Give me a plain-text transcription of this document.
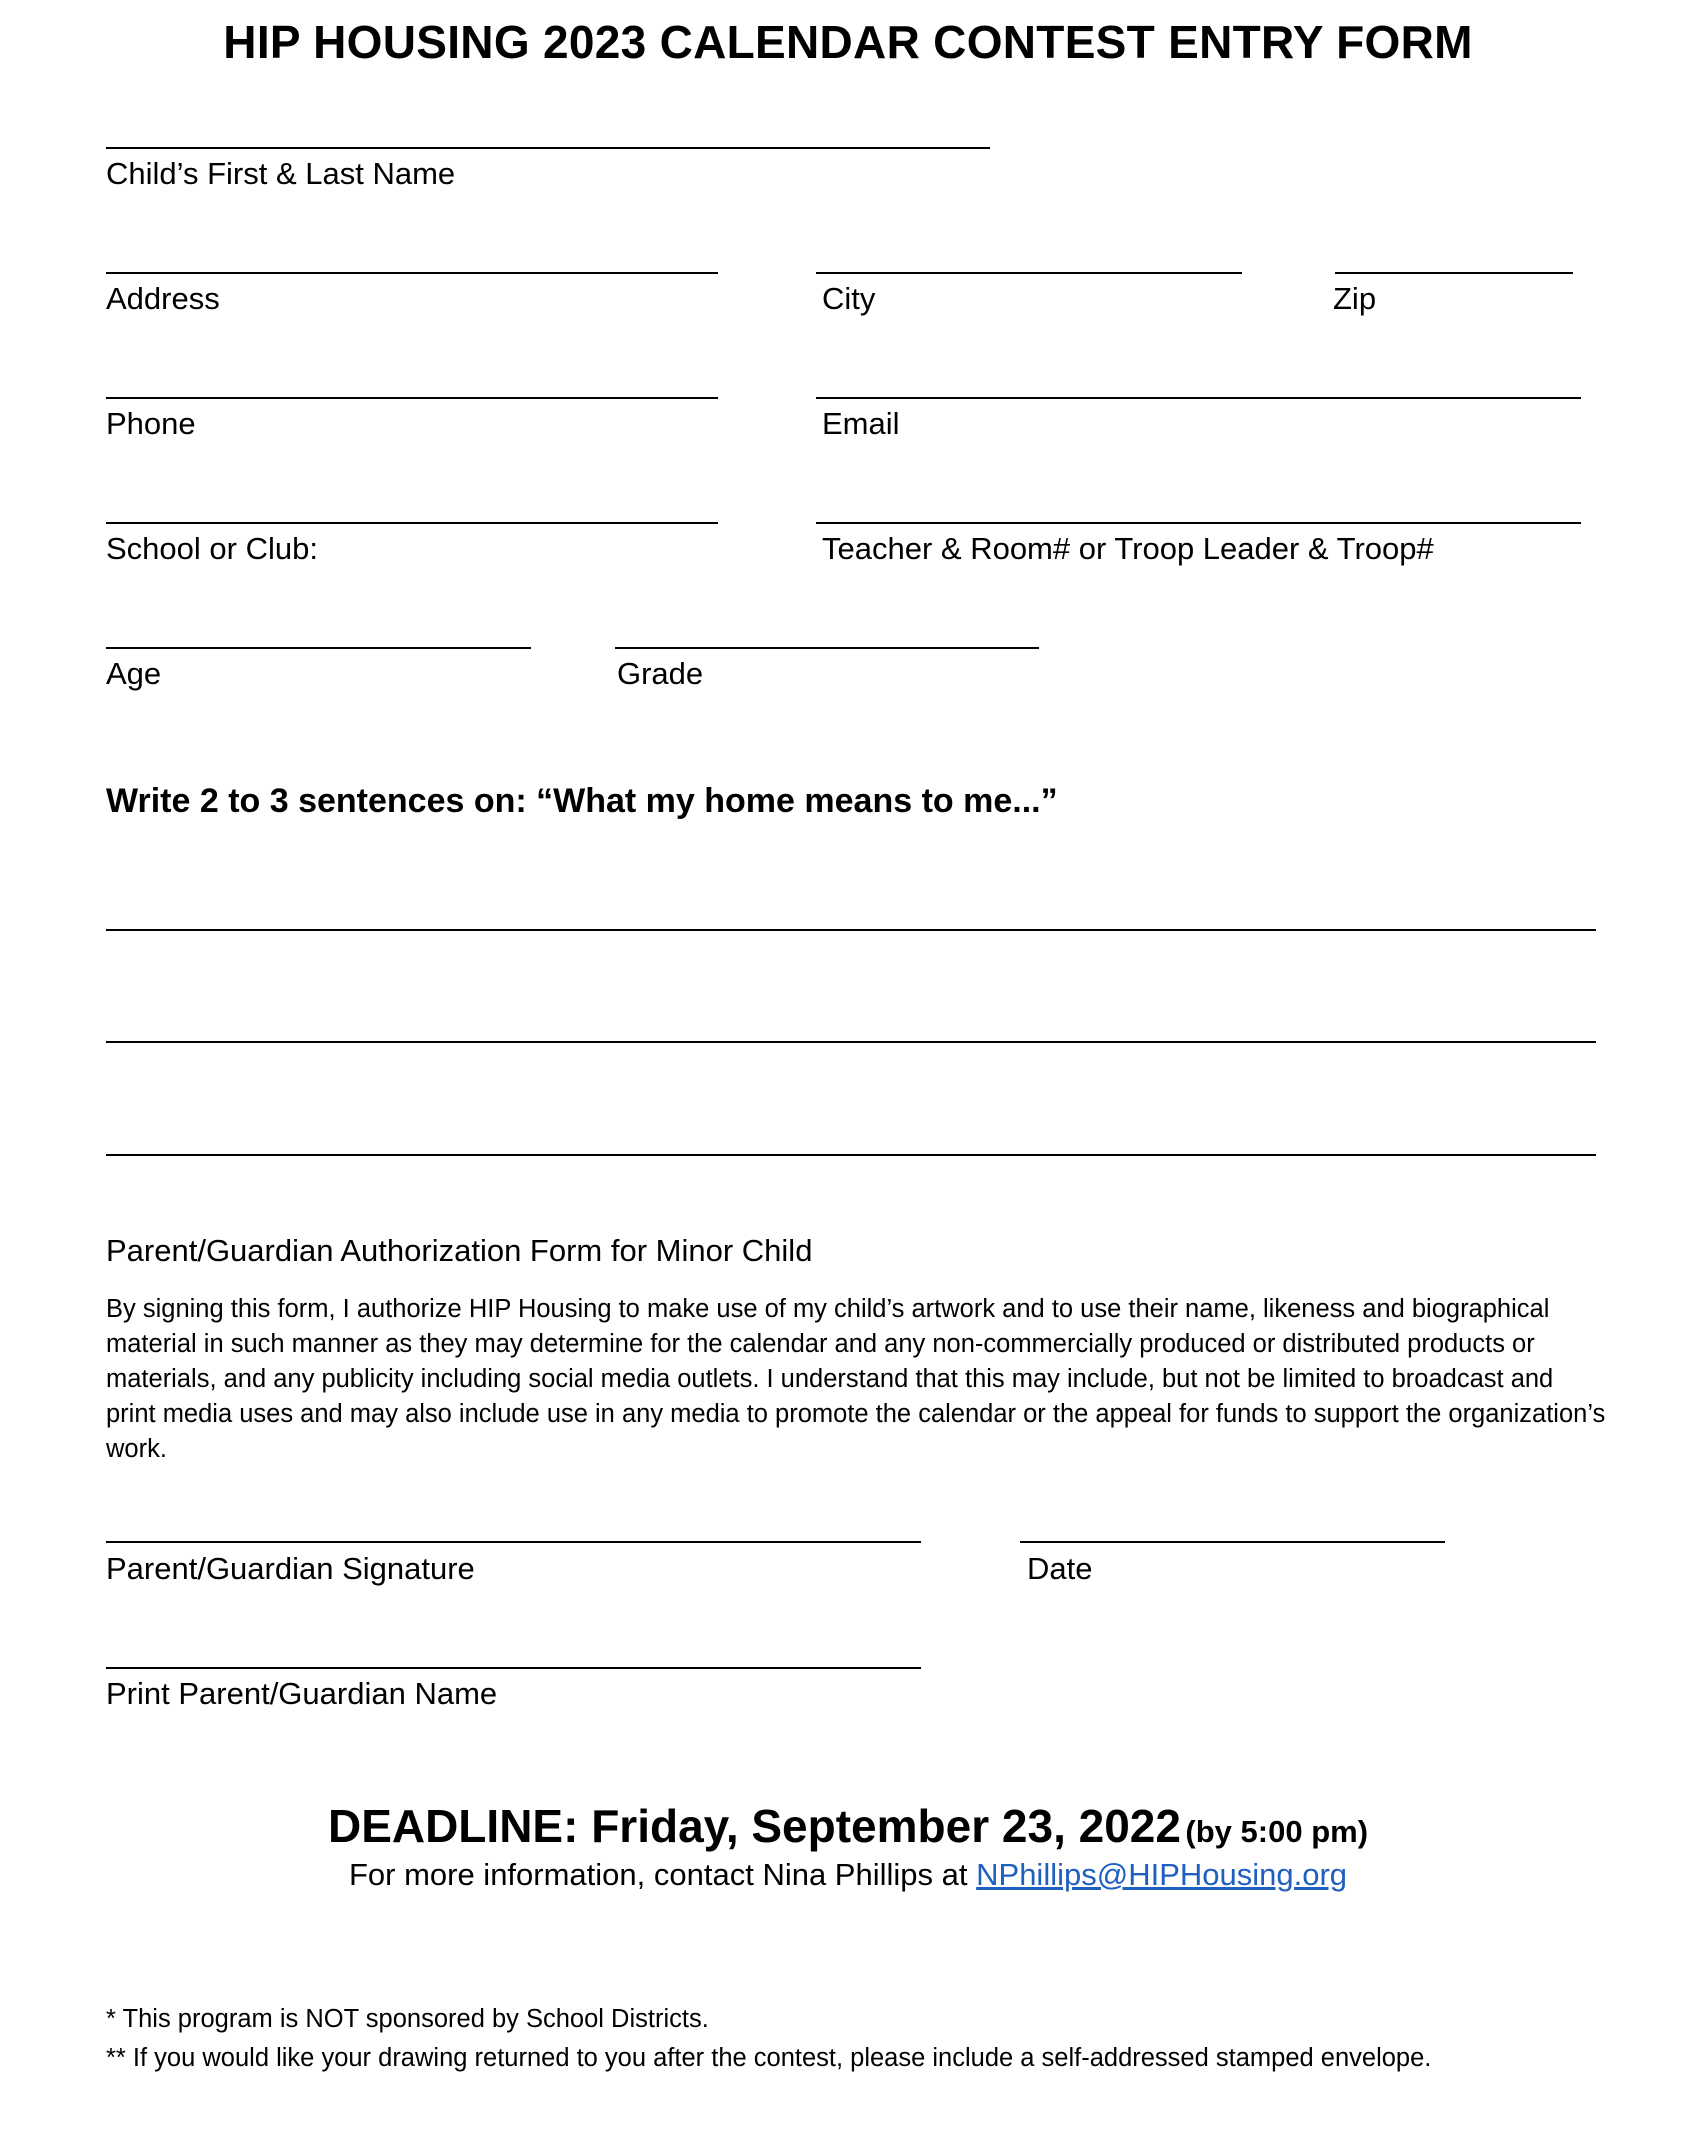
HIP HOUSING 2023 CALENDAR CONTEST ENTRY FORM
Child’s First & Last Name
Address	City	Zip
Phone	Email
School or Club:	Teacher & Room# or Troop Leader & Troop#
Age	Grade
Write 2 to 3 sentences on: “What my home means to me...”
Parent/Guardian Authorization Form for Minor Child
By signing this form, I authorize HIP Housing to make use of my child’s artwork and to use their name, likeness and biographical material in such manner as they may determine for the calendar and any non-commercially produced or distributed products or materials, and any publicity including social media outlets. I understand that this may include, but not be limited to broadcast and print media uses and may also include use in any media to promote the calendar or the appeal for funds to support the organization’s work.
Parent/Guardian Signature	Date
Print Parent/Guardian Name
DEADLINE: Friday, September 23, 2022 (by 5:00 pm)
For more information, contact Nina Phillips at NPhillips@HIPHousing.org
* This program is NOT sponsored by School Districts.
** If you would like your drawing returned to you after the contest, please include a self-addressed stamped envelope.
